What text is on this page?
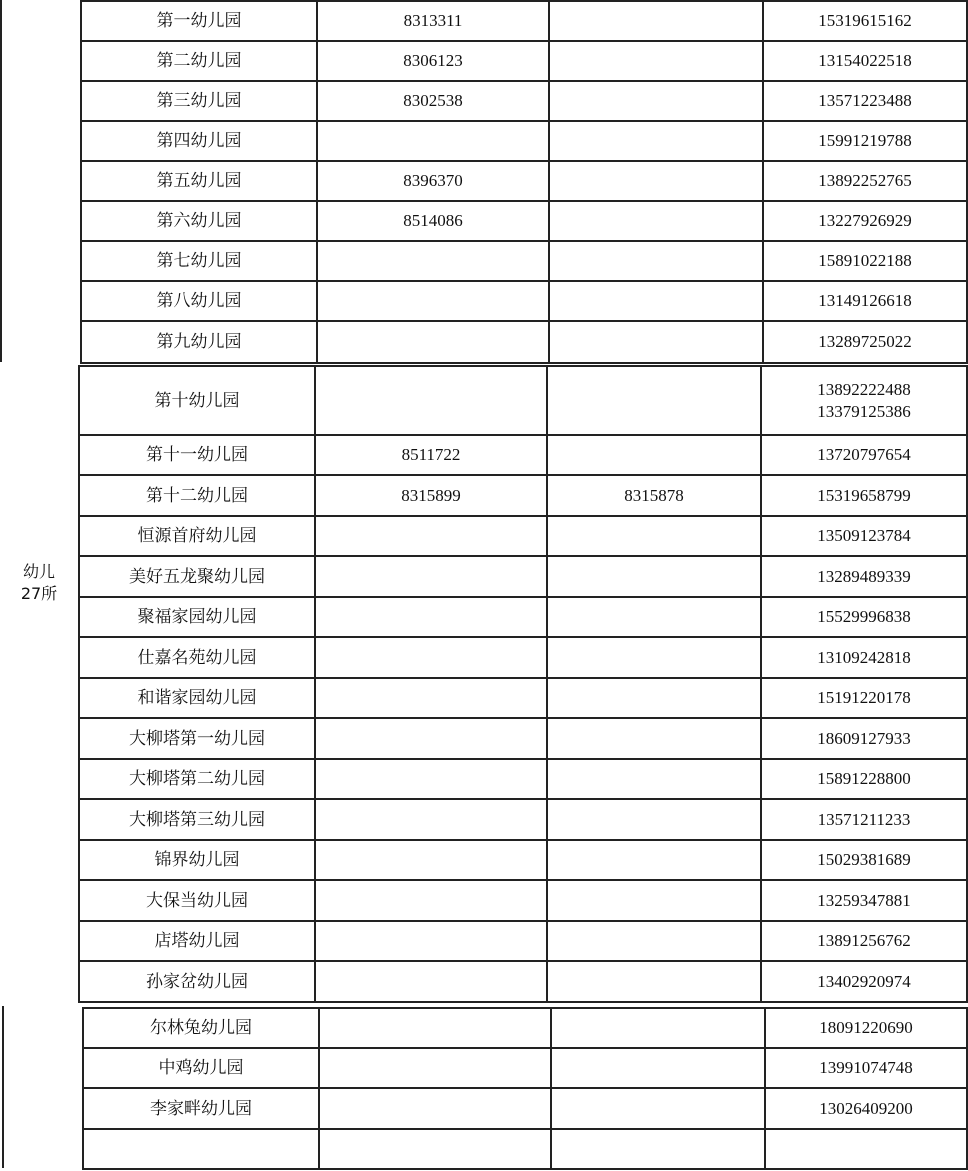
第一幼儿园	8313311		15319615162

第二幼儿园	8306123		13154022518

第三幼儿园	8302538		13571223488

第四幼儿园			15991219788

第五幼儿园	8396370		13892252765

第六幼儿园	8514086		13227926929

第七幼儿园			15891022188

第八幼儿园			13149126618

第九幼儿园			13289725022
第十幼儿园			13892222488
13379125386

第十一幼儿园	8511722		13720797654

第十二幼儿园	8315899	8315878	15319658799

恒源首府幼儿园			13509123784

美好五龙聚幼儿园			13289489339

聚福家园幼儿园			15529996838

仕嘉名苑幼儿园			13109242818

和谐家园幼儿园			15191220178

大柳塔第一幼儿园			18609127933

大柳塔第二幼儿园			15891228800

大柳塔第三幼儿园			13571211233

锦界幼儿园			15029381689

大保当幼儿园			13259347881

店塔幼儿园			13891256762

孙家岔幼儿园			13402920974
幼儿
27所
尔林兔幼儿园			18091220690

中鸡幼儿园			13991074748

李家畔幼儿园			13026409200
